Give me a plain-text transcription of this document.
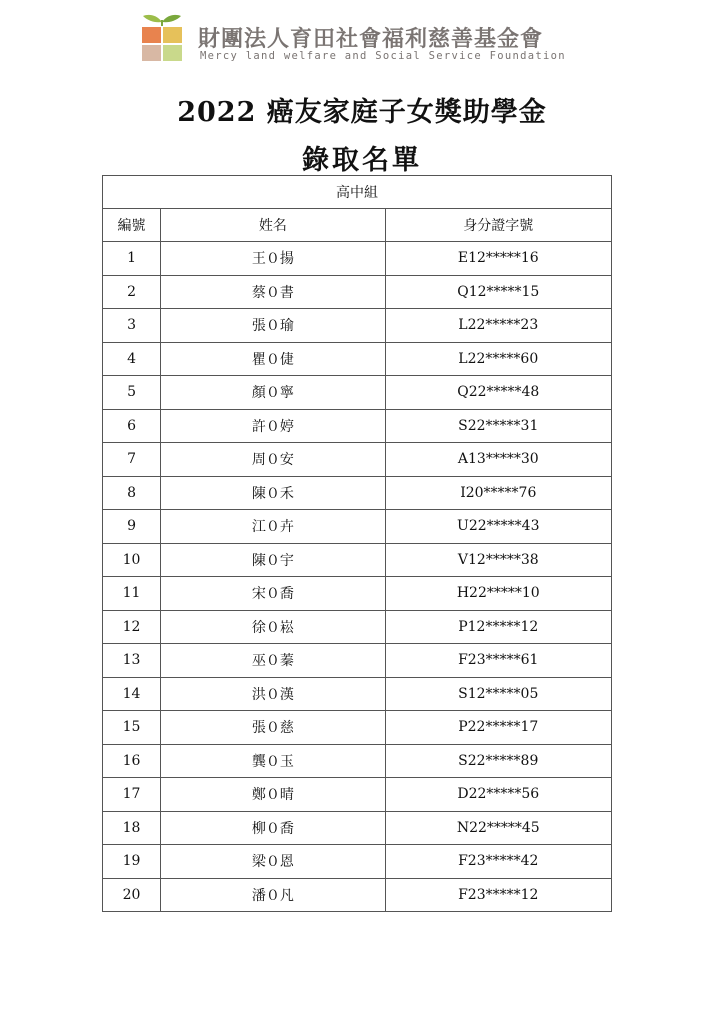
財團法人育田社會福利慈善基金會
Mercy land welfare and Social Service Foundation
2022 癌友家庭子女獎助學金
錄取名單
高中組		
編號	姓名	身分證字號
1	王０揚	E12*****16
2	蔡０書	Q12*****15
3	張０瑜	L22*****23
4	瞿０倢	L22*****60
5	顏０寧	Q22*****48
6	許０婷	S22*****31
7	周０安	A13*****30
8	陳０禾	I20*****76
9	江０卉	U22*****43
10	陳０宇	V12*****38
11	宋０喬	H22*****10
12	徐０崧	P12*****12
13	巫０蓁	F23*****61
14	洪０漢	S12*****05
15	張０慈	P22*****17
16	龔０玉	S22*****89
17	鄭０晴	D22*****56
18	柳０喬	N22*****45
19	梁０恩	F23*****42
20	潘０凡	F23*****12
